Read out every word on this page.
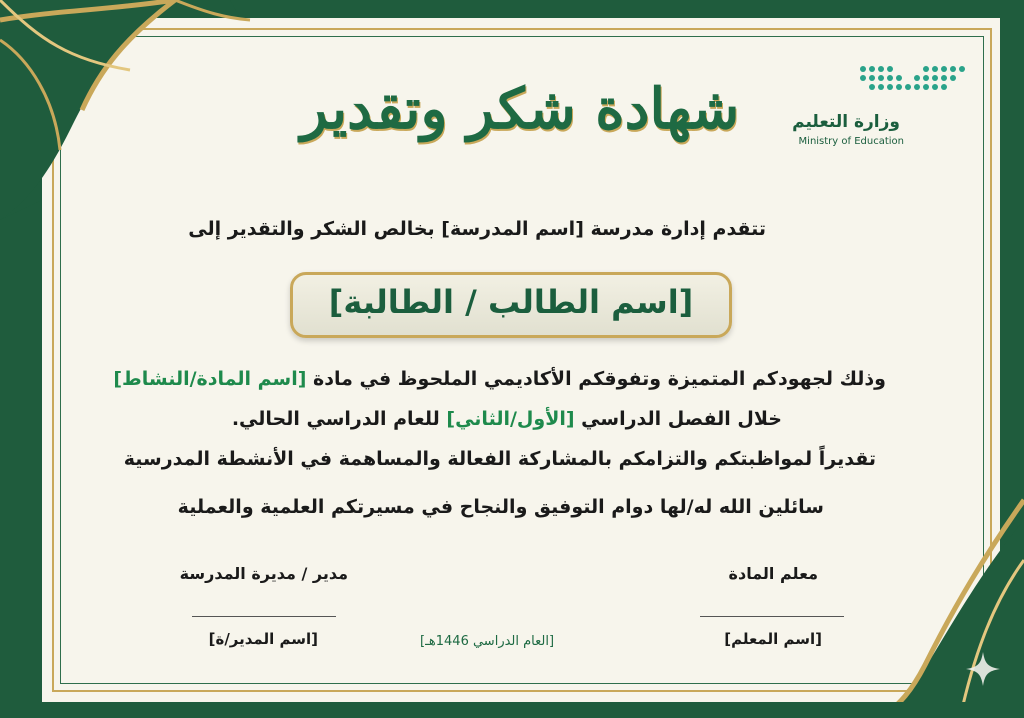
وزارة التعليم
Ministry of Education
شهادة شكر وتقدير
تتقدم إدارة مدرسة [اسم المدرسة] بخالص الشكر والتقدير إلى
[اسم الطالب / الطالبة]
وذلك لجهودكم المتميزة وتفوقكم الأكاديمي الملحوظ في مادة [اسم المادة/النشاط]
خلال الفصل الدراسي [الأول/الثاني] للعام الدراسي الحالي.
تقديراً لمواظبتكم والتزامكم بالمشاركة الفعالة والمساهمة في الأنشطة المدرسية
سائلين الله له/لها دوام التوفيق والنجاح في مسيرتكم العلمية والعملية
معلم المادة
[اسم المعلم]
مدير / مديرة المدرسة
[اسم المدير/ة]	[العام الدراسي 1446هـ]
